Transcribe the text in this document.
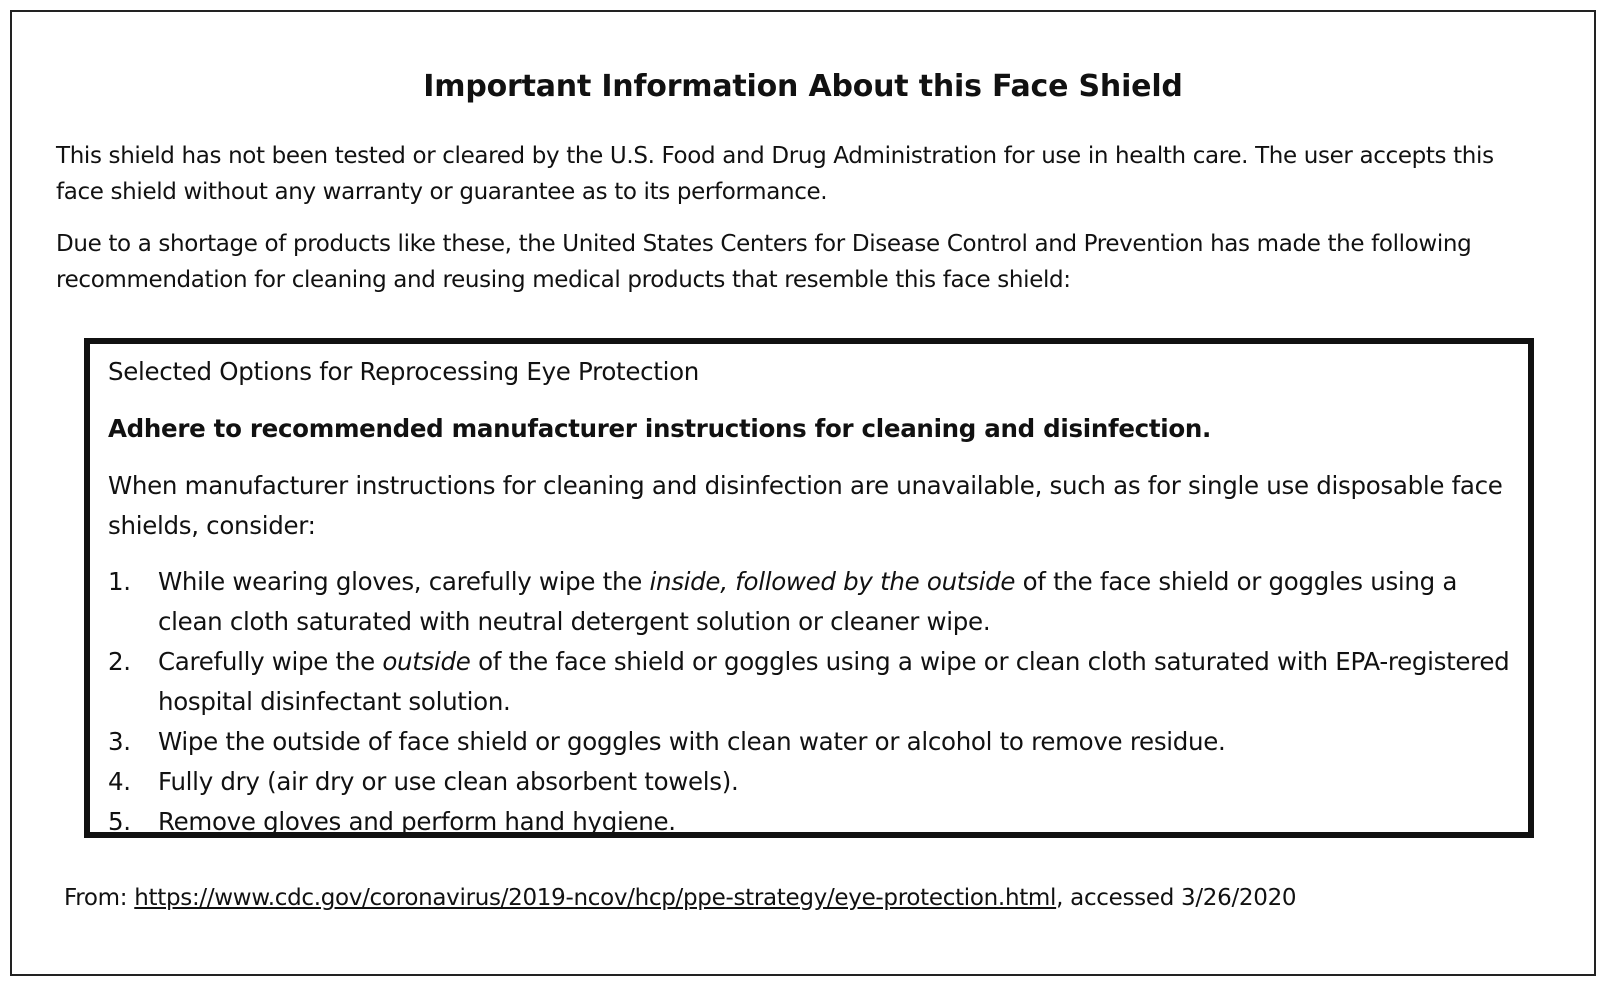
Important Information About this Face Shield
This shield has not been tested or cleared by the U.S. Food and Drug Administration for use in health care. The user accepts this face shield without any warranty or guarantee as to its performance.
Due to a shortage of products like these, the United States Centers for Disease Control and Prevention has made the following recommendation for cleaning and reusing medical products that resemble this face shield:
Selected Options for Reprocessing Eye Protection
Adhere to recommended manufacturer instructions for cleaning and disinfection.
When manufacturer instructions for cleaning and disinfection are unavailable, such as for single use disposable face shields, consider:
1. While wearing gloves, carefully wipe the inside, followed by the outside of the face shield or goggles using a clean cloth saturated with neutral detergent solution or cleaner wipe.
2. Carefully wipe the outside of the face shield or goggles using a wipe or clean cloth saturated with EPA-registered hospital disinfectant solution.
3. Wipe the outside of face shield or goggles with clean water or alcohol to remove residue.
4. Fully dry (air dry or use clean absorbent towels).
5. Remove gloves and perform hand hygiene.
From: https://www.cdc.gov/coronavirus/2019-ncov/hcp/ppe-strategy/eye-protection.html, accessed 3/26/2020
